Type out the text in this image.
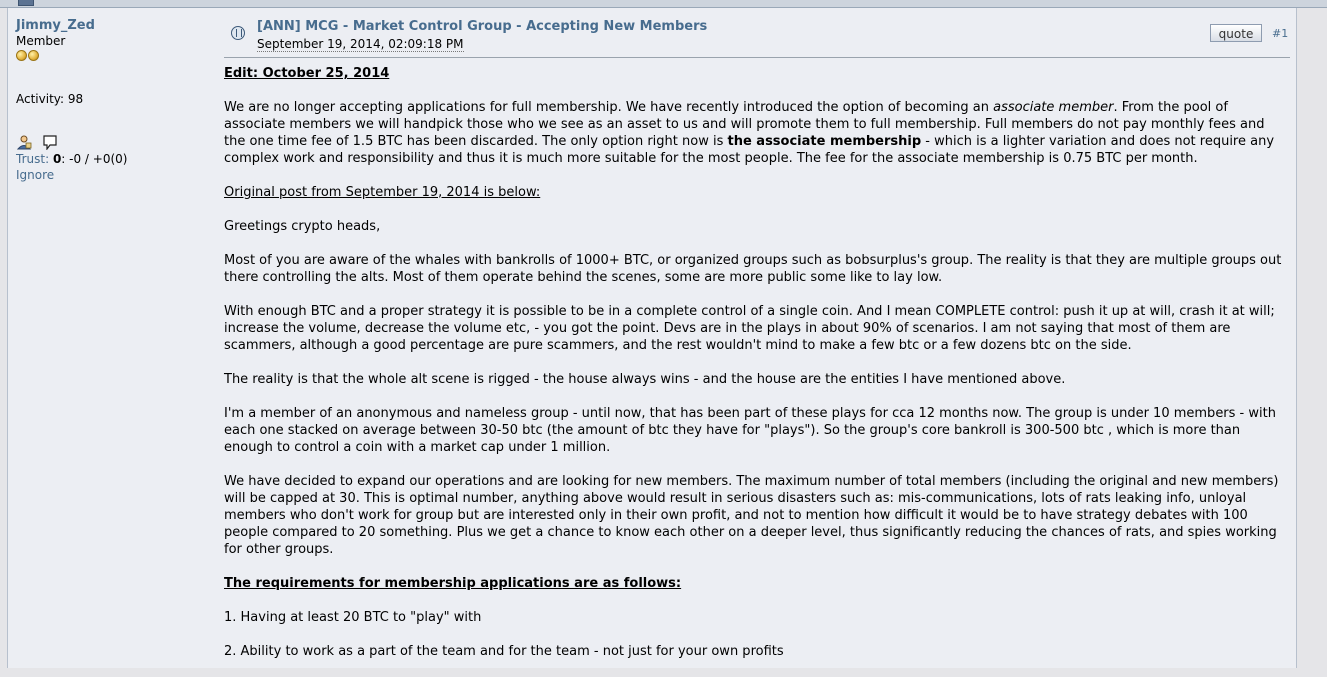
Jimmy_Zed
Member
Activity: 98

Trust: 0: -0 / +0(0)
Ignore
[ANN] MCG - Market Control Group - Accepting New Members
September 19, 2014, 02:09:18 PM
quote	#1

Edit: October 25, 2014

We are no longer accepting applications for full membership. We have recently introduced the option of becoming an associate member. From the pool of associate members we will handpick those who we see as an asset to us and will promote them to full membership. Full members do not pay monthly fees and the one time fee of 1.5 BTC has been discarded. The only option right now is the associate membership - which is a lighter variation and does not require any complex work and responsibility and thus it is much more suitable for the most people. The fee for the associate membership is 0.75 BTC per month.

Original post from September 19, 2014 is below:

Greetings crypto heads,

Most of you are aware of the whales with bankrolls of 1000+ BTC, or organized groups such as bobsurplus's group. The reality is that they are multiple groups out there controlling the alts. Most of them operate behind the scenes, some are more public some like to lay low.

With enough BTC and a proper strategy it is possible to be in a complete control of a single coin. And I mean COMPLETE control: push it up at will, crash it at will; increase the volume, decrease the volume etc, - you got the point. Devs are in the plays in about 90% of scenarios. I am not saying that most of them are scammers, although a good percentage are pure scammers, and the rest wouldn't mind to make a few btc or a few dozens btc on the side.

The reality is that the whole alt scene is rigged - the house always wins - and the house are the entities I have mentioned above.

I'm a member of an anonymous and nameless group - until now, that has been part of these plays for cca 12 months now. The group is under 10 members - with each one stacked on average between 30-50 btc (the amount of btc they have for "plays"). So the group's core bankroll is 300-500 btc , which is more than enough to control a coin with a market cap under 1 million.

We have decided to expand our operations and are looking for new members. The maximum number of total members (including the original and new members) will be capped at 30. This is optimal number, anything above would result in serious disasters such as: mis-communications, lots of rats leaking info, unloyal members who don't work for group but are interested only in their own profit, and not to mention how difficult it would be to have strategy debates with 100 people compared to 20 something. Plus we get a chance to know each other on a deeper level, thus significantly reducing the chances of rats, and spies working for other groups.

The requirements for membership applications are as follows:

1. Having at least 20 BTC to "play" with

2. Ability to work as a part of the team and for the team - not just for your own profits
